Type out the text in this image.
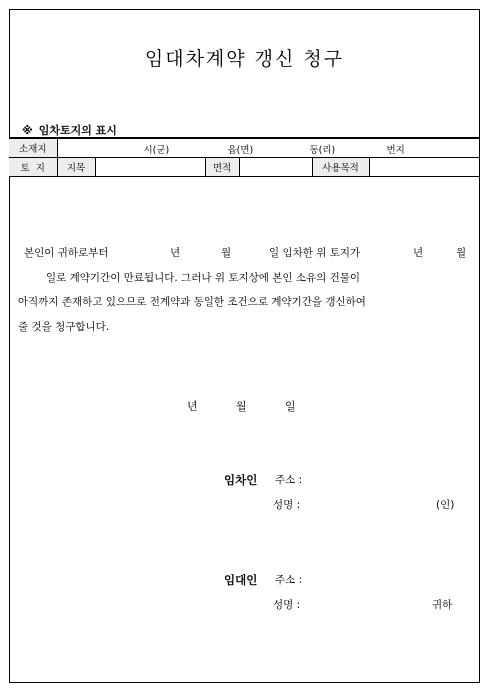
임대차계약 갱신 청구
※ 임차토지의 표시
소재지	시(군) 읍(면) 동(리) 번지					

토  지	지목		면적		사용목적	
본인이 귀하로부터	년	월	일 임차한 위 토지가	년	월
일로 계약기간이 만료됩니다. 그러나 위 토지상에 본인 소유의 건물이
아직까지 존재하고 있으므로 전계약과 동일한 조건으로 계약기간을 갱신하여
줄 것을 청구합니다.
년	월	일
임차인 주소 :
성명 :	(인)
임대인 주소 :
성명 :	귀하
